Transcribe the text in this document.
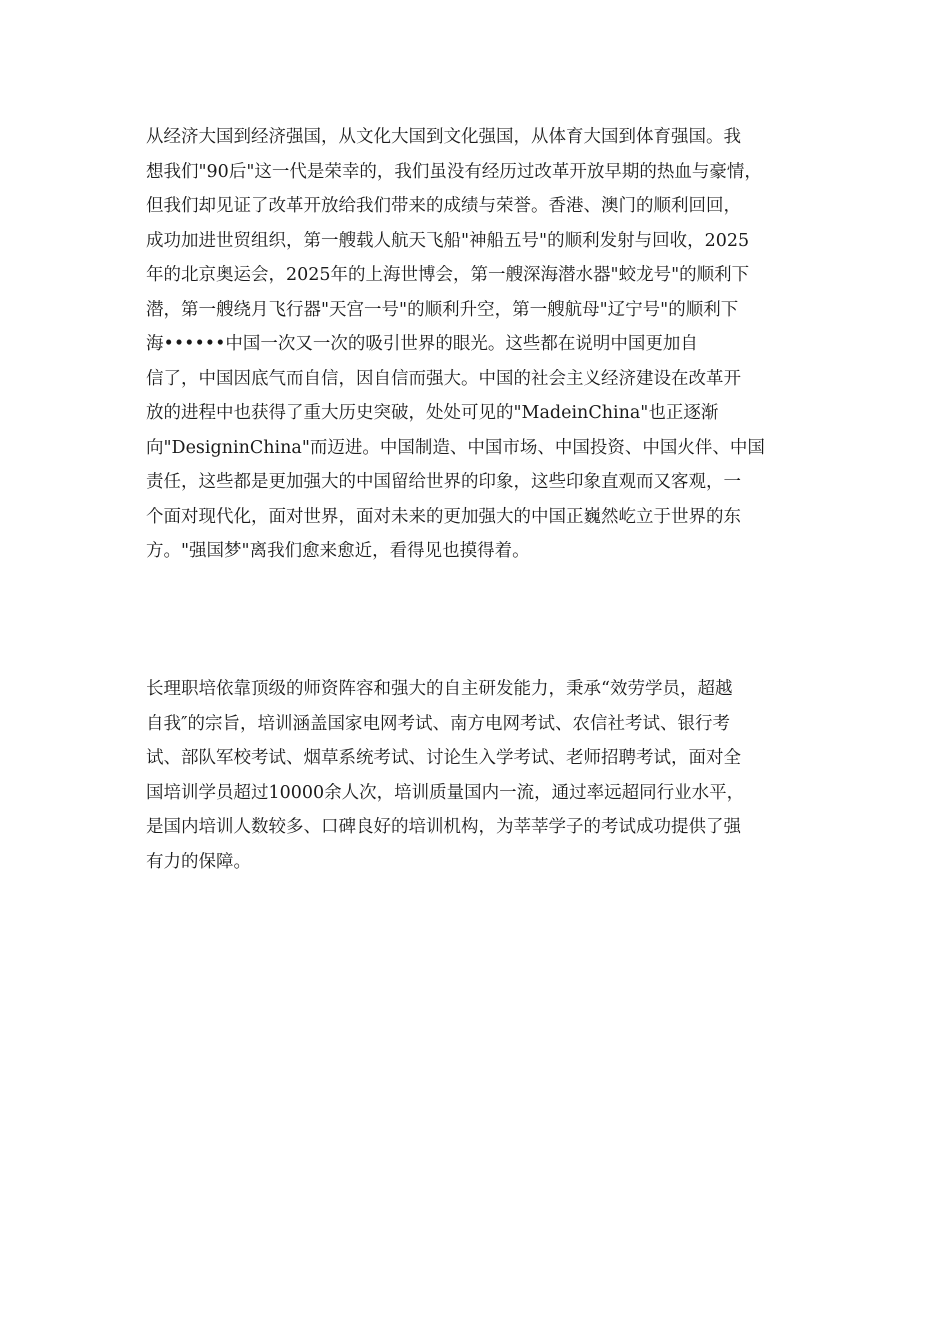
从经济大国到经济强国，从文化大国到文化强国，从体育大国到体育强国。我
想我们"90后"这一代是荣幸的，我们虽没有经历过改革开放早期的热血与豪情，
但我们却见证了改革开放给我们带来的成绩与荣誉。香港、澳门的顺利回回，
成功加进世贸组织，第一艘载人航天飞船"神船五号"的顺利发射与回收，2025
年的北京奥运会，2025年的上海世博会，第一艘深海潜水器"蛟龙号"的顺利下
潜，第一艘绕月飞行器"天宫一号"的顺利升空，第一艘航母"辽宁号"的顺利下
海••••••中国一次又一次的吸引世界的眼光。这些都在说明中国更加自
信了，中国因底气而自信，因自信而强大。中国的社会主义经济建设在改革开
放的进程中也获得了重大历史突破，处处可见的"MadeinChina"也正逐渐
向"DesigninChina"而迈进。中国制造、中国市场、中国投资、中国火伴、中国
责任，这些都是更加强大的中国留给世界的印象，这些印象直观而又客观，一
个面对现代化，面对世界，面对未来的更加强大的中国正巍然屹立于世界的东
方。"强国梦"离我们愈来愈近，看得见也摸得着。
长理职培依靠顶级的师资阵容和强大的自主研发能力，秉承“效劳学员，超越
自我″的宗旨，培训涵盖国家电网考试、南方电网考试、农信社考试、银行考
试、部队军校考试、烟草系统考试、讨论生入学考试、老师招聘考试，面对全
国培训学员超过10000余人次，培训质量国内一流，通过率远超同行业水平，
是国内培训人数较多、口碑良好的培训机构，为莘莘学子的考试成功提供了强
有力的保障。
